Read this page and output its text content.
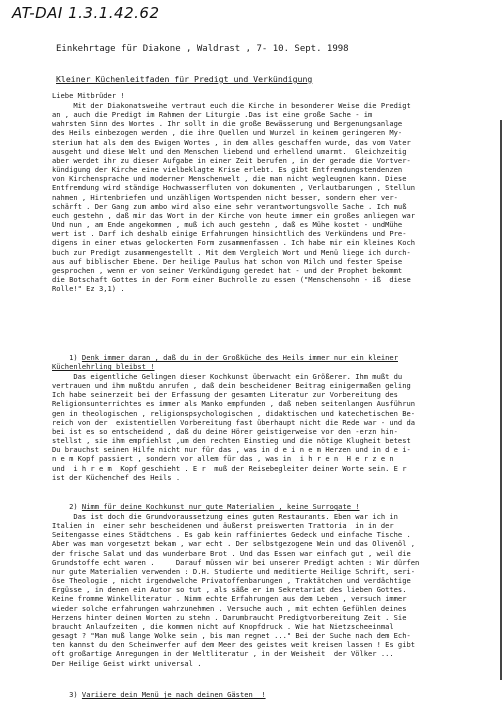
AT-DAI 1.3.1.42.62
Einkehrtage für Diakone , Waldrast , 7- 10. Sept. 1998
Kleiner Küchenleitfaden für Predigt und Verkündigung
Liebe Mitbrüder !
Mit der Diakonatsweihe vertraut euch die Kirche in besonderer Weise die Predigt
an , auch die Predigt im Rahmen der Liturgie .Das ist eine große Sache - im
wahrsten Sinn des Wortes . Ihr sollt in die große Bewässerung und Bergenungsanlage
des Heils einbezogen werden , die ihre Quellen und Wurzel in keinem geringeren My-
sterium hat als dem des Ewigen Wortes , in dem alles geschaffen wurde, das vom Vater
ausgeht und diese Welt und den Menschen liebend und erhellend umarmt.  Gleichzeitig
aber werdet ihr zu dieser Aufgabe in einer Zeit berufen , in der gerade die Vortver-
kündigung der Kirche eine vielbeklagte Krise erlebt. Es gibt Entfremdungstendenzen
von Kirchensprache und moderner Menschenwelt , die man nicht wegleugnen kann. Diese
Entfremdung wird ständige Hochwasserfluten von dokumenten , Verlautbarungen , Stellun
nahmen , Hirtenbriefen und unzähligen Wortspenden nicht besser, sondern eher ver-
schärft . Der Gang zum ambo wird also eine sehr verantwortungsvolle Sache . Ich muß
euch gestehn , daß mir das Wort in der Kirche von heute immer ein großes anliegen war
Und nun , am Ende angekommen , muß ich auch gestehn , daß es Mühe kostet - undMühe
wert ist . Darf ich deshalb einige Erfahrungen hinsichtlich des Verkündens und Pre-
digens in einer etwas gelockerten Form zusammenfassen . Ich habe mir ein kleines Koch
buch zur Predigt zusammengestellt . Mit dem Vergleich Wort und Menü liege ich durch-
aus auf biblischer Ebene. Der heilige Paulus hat schon von Milch und fester Speise
gesprochen , wenn er von seiner Verkündigung geredet hat - und der Prophet bekommt
die Botschaft Gottes in der Form einer Buchrolle zu essen ("Menschensohn - iß  diese
Rolle!" Ez 3,1) .
1) Denk immer daran , daß du in der Großküche des Heils immer nur ein kleiner
Küchenlehrling bleibst !
Das eigentliche Gelingen dieser Kochkunst überwacht ein Größerer. Ihm mußt du
vertrauen und ihm mußtdu anrufen , daß dein bescheidener Beitrag einigermaßen geling
Ich habe seinerzeit bei der Erfassung der gesamten Literatur zur Vorbereitung des
Religionsunterrichtes es immer als Manko empfunden , daß neben seitenlangen Ausführun
gen in theologischen , religionspsychologischen , didaktischen und katechetischen Be-
reich von der  existentiellen Vorbereitung fast überhaupt nicht die Rede war - und da
bei ist es so entscheidend , daß du deine Hörer geistigerweise vor den -erzn hin-
stellst , sie ihm empfiehlst ,um den rechten Einstieg und die nötige Klugheit betest
Du brauchst seinen Hilfe nicht nur für das , was in d e i n e m Herzen und in d e i-
n e m Kopf passiert , sondern vor allem für das , was in  i h r e n  H e r z e n
und  i h r e m  Kopf geschieht . E r  muß der Reisebegleiter deiner Worte sein. E r
ist der Küchenchef des Heils .
2) Nimm für deine Kochkunst nur gute Materialien , keine Surrogate !
Das ist doch die Grundvoraussetzung eines guten Restaurants. Eben war ich in
Italien in  einer sehr bescheidenen und äußerst preiswerten Trattoria  in in der
Seitengasse eines Städtchens . Es gab kein raffiniertes Gedeck und einfache Tische .
Aber was man vorgesetzt bekam , war echt . Der selbstgezogene Wein und das Olivenöl ,
der frische Salat und das wunderbare Brot . Und das Essen war einfach gut , weil die
Grundstoffe echt waren .     Darauf müssen wir bei unserer Predigt achten : Wir dürfen
nur gute Materialien verwenden : D.H. Studierte und meditierte Heilige Schrift, seri-
öse Theologie , nicht irgendwelche Privatoffenbarungen , Traktätchen und verdächtige
Ergüsse , in denen ein Autor so tut , als säße er im Sekretariat des lieben Gottes.
Keine fromme Winkelliteratur . Nimm echte Erfahrungen aus dem Leben , versuch immer
wieder solche erfahrungen wahrzunehmen . Versuche auch , mit echten Gefühlen deines
Herzens hinter deinen Worten zu stehn . Darumbraucht Predigtvorbereitung Zeit . Sie
braucht Anlaufzeiten , die kommen nicht auf Knopfdruck . Wie hat Nietzscheeinmal
gesagt ? "Man muß lange Wolke sein , bis man regnet ..." Bei der Suche nach dem Ech-
ten kannst du den Scheinwerfer auf dem Meer des geistes weit kreisen lassen ! Es gibt
oft großartige Anregungen in der Weltliteratur , in der Weisheit  der Völker ...
Der Heilige Geist wirkt universal .
3) Variiere dein Menü je nach deinen Gästen  !
